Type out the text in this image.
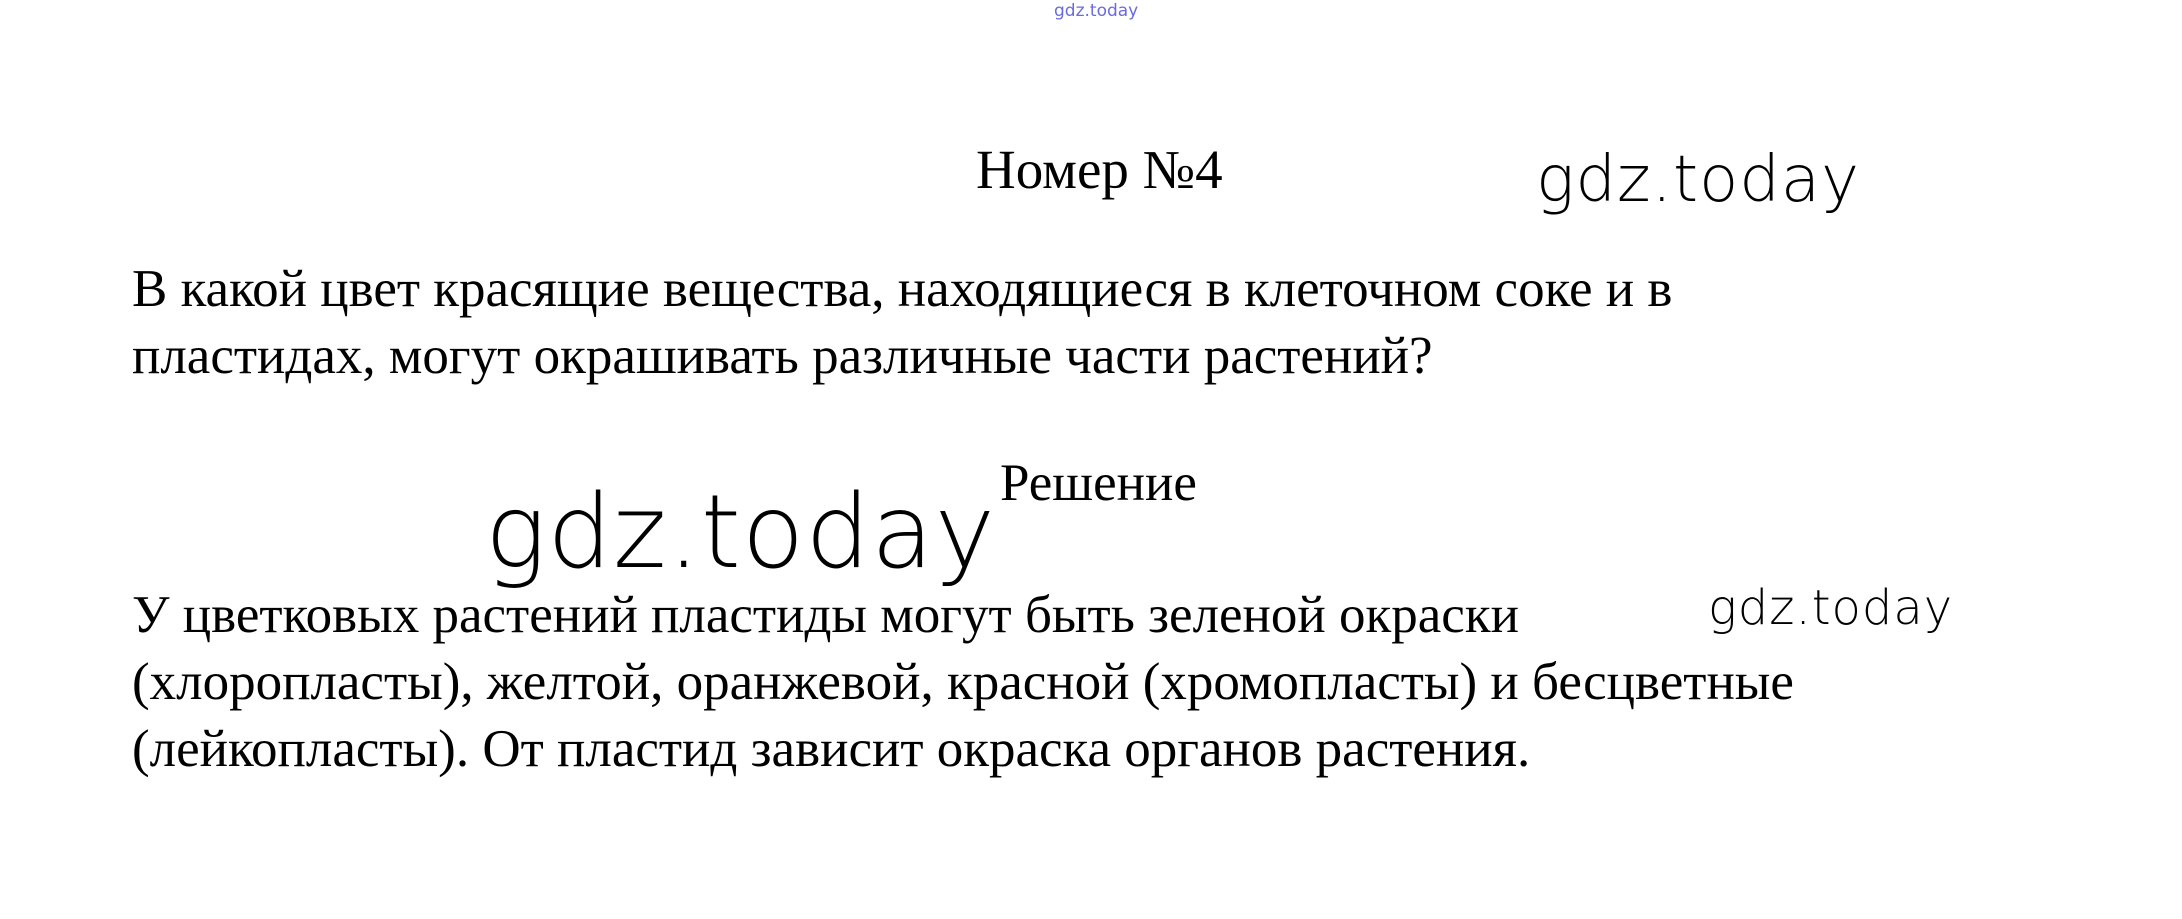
gdz.today
Номер №4	gdz.today
В какой цвет красящие вещества, находящиеся в клеточном соке и в
пластидах, могут окрашивать различные части растений?
gdz.today Решение
У цветковых растений пластиды могут быть зеленой окраски
(хлоропласты), желтой, оранжевой, красной (хромопласты) и бесцветные
(лейкопласты). От пластид зависит окраска органов растения.
gdz.today
